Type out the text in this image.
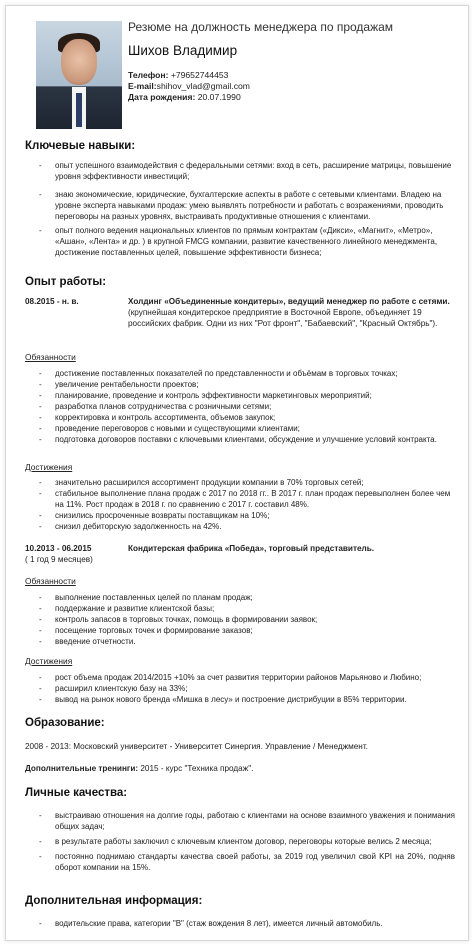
Резюме на должность менеджера по продажам
Шихов Владимир
Телефон: +79652744453
E-mail:shihov_vlad@gmail.com
Дата рождения: 20.07.1990
Ключевые навыки:
- опыт успешного взаимодействия с федеральными сетями: вход в сеть, расширение матрицы, повышение уровня эффективности инвестиций;
- знаю экономические, юридические, бухгалтерские аспекты в работе с сетевыми клиентами. Владею на уровне эксперта навыками продаж: умею выявлять потребности и работать с возражениями, проводить переговоры на разных уровнях, выстраивать продуктивные отношения с клиентами.
- опыт полного ведения национальных клиентов по прямым контрактам («Дикси», «Магнит», «Метро», «Ашан», «Лента» и др. ) в крупной FMCG компании, развитие качественного линейного менеджмента, достижение поставленных целей, повышение эффективности бизнеса;
Опыт работы:
08.2015 - н. в.	Холдинг «Объединенные кондитеры», ведущий менеджер по работе с сетями.
(крупнейшая кондитерское предприятие в Восточной Европе, объединяет 19 российских фабрик. Одни из них "Рот фронт", "Бабаевский", "Красный Октябрь").
Обязанности
- достижение поставленных показателей по представленности и объёмам в торговых точках;
- увеличение рентабельности проектов;
- планирование, проведение и контроль эффективности маркетинговых мероприятий;
- разработка планов сотрудничества с розничными сетями;
- корректировка и контроль ассортимента, объемов закупок;
- проведение переговоров с новыми и существующими клиентами;
- подготовка договоров поставки с ключевыми клиентами, обсуждение и улучшение условий контракта.
Достижения
- значительно расширился ассортимент продукции компании в 70% торговых сетей;
- стабильное выполнение плана продаж с 2017 по 2018 гг.. В 2017 г. план продаж перевыполнен более чем на 11%. Рост продаж в 2018 г. по сравнению с 2017 г. составил 48%.
- снизились просроченные возвраты поставщикам на 10%;
- снизил дебиторскую задолженность на 42%.
10.2013 - 06.2015
( 1 год 9 месяцев)
Кондитерская фабрика «Победа», торговый представитель.
Обязанности
- выполнение поставленных целей по планам продаж;
- поддержание и развитие клиентской базы;
- контроль запасов в торговых точках, помощь в формировании заявок;
- посещение торговых точек и формирование заказов;
- введение отчетности.
Достижения
- рост объема продаж 2014/2015 +10% за счет развития территории районов Марьяново и Любино;
- расширил клиентскую базу на 33%;
- вывод на рынок нового бренда «Мишка в лесу» и построение дистрибуции в 85% территории.
Образование:
2008 - 2013: Московский университет - Университет Синергия. Управление / Менеджмент.
Дополнительные тренинги: 2015 - курс "Техника продаж".
Личные качества:
- выстраиваю отношения на долгие годы, работаю с клиентами на основе взаимного уважения и понимания общих задач;
- в результате работы заключил с ключевым клиентом договор, переговоры которые велись 2 месяца;
- постоянно поднимаю стандарты качества своей работы, за 2019 год увеличил свой KPI на 20%, подняв оборот компании на 15%.
Дополнительная информация:
- водительские права, категории "B" (стаж вождения 8 лет), имеется личный автомобиль.
